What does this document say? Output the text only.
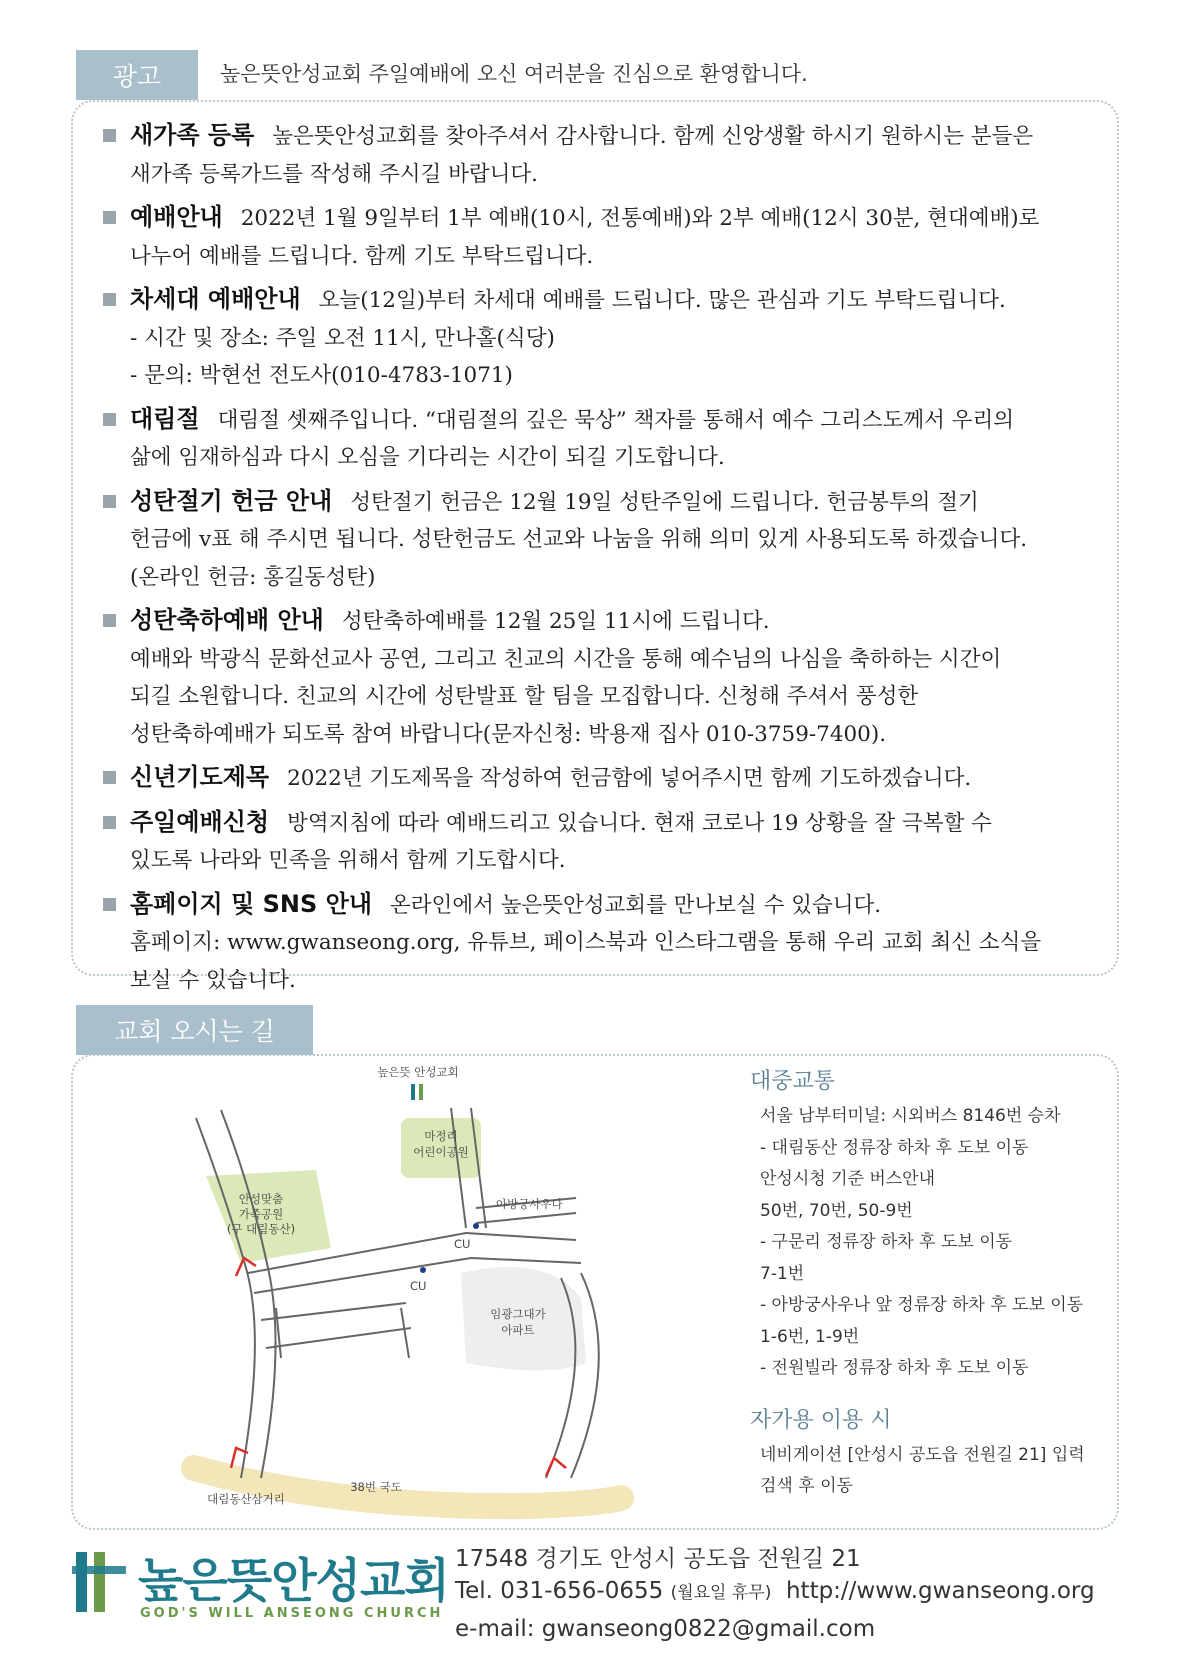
광고	높은뜻안성교회 주일예배에 오신 여러분을 진심으로 환영합니다.
새가족 등록 높은뜻안성교회를 찾아주셔서 감사합니다. 함께 신앙생활 하시기 원하시는 분들은
새가족 등록가드를 작성해 주시길 바랍니다.
예배안내 2022년 1월 9일부터 1부 예배(10시, 전통예배)와 2부 예배(12시 30분, 현대예배)로
나누어 예배를 드립니다. 함께 기도 부탁드립니다.
차세대 예배안내 오늘(12일)부터 차세대 예배를 드립니다. 많은 관심과 기도 부탁드립니다.
- 시간 및 장소: 주일 오전 11시, 만나홀(식당)
- 문의: 박현선 전도사(010-4783-1071)
대림절 대림절 셋째주입니다. “대림절의 깊은 묵상” 책자를 통해서 예수 그리스도께서 우리의
삶에 임재하심과 다시 오심을 기다리는 시간이 되길 기도합니다.
성탄절기 헌금 안내 성탄절기 헌금은 12월 19일 성탄주일에 드립니다. 헌금봉투의 절기
헌금에 v표 해 주시면 됩니다. 성탄헌금도 선교와 나눔을 위해 의미 있게 사용되도록 하겠습니다.
(온라인 헌금: 홍길동성탄)
성탄축하예배 안내 성탄축하예배를 12월 25일 11시에 드립니다.
예배와 박광식 문화선교사 공연, 그리고 친교의 시간을 통해 예수님의 나심을 축하하는 시간이
되길 소원합니다. 친교의 시간에 성탄발표 할 팀을 모집합니다. 신청해 주셔서 풍성한
성탄축하예배가 되도록 참여 바랍니다(문자신청: 박용재 집사 010-3759-7400).
신년기도제목 2022년 기도제목을 작성하여 헌금함에 넣어주시면 함께 기도하겠습니다.
주일예배신청 방역지침에 따라 예배드리고 있습니다. 현재 코로나 19 상황을 잘 극복할 수
있도록 나라와 민족을 위해서 함께 기도합시다.
홈페이지 및 SNS 안내 온라인에서 높은뜻안성교회를 만나보실 수 있습니다.
홈페이지: www.gwanseong.org, 유튜브, 페이스북과 인스타그램을 통해 우리 교회 최신 소식을
보실 수 있습니다.
교회 오시는 길
높은뜻 안성교회
마정리
어린이공원
안성맞춤
가족공원
(구 대림동산)
아방궁사우나
CU
CU
임광그대가
아파트
대림동산삼거리
38번 국도
대중교통
서울 남부터미널: 시외버스 8146번 승차
- 대림동산 정류장 하차 후 도보 이동
안성시청 기준 버스안내
50번, 70번, 50-9번
- 구문리 정류장 하차 후 도보 이동
7-1번
- 아방궁사우나 앞 정류장 하차 후 도보 이동
1-6번, 1-9번
- 전원빌라 정류장 하차 후 도보 이동
자가용 이용 시
네비게이션 [안성시 공도읍 전원길 21] 입력
검색 후 이동
높은뜻안성교회
GOD'S WILL ANSEONG CHURCH
17548 경기도 안성시 공도읍 전원길 21
Tel. 031-656-0655 (월요일 휴무) http://www.gwanseong.org
e-mail: gwanseong0822@gmail.com
